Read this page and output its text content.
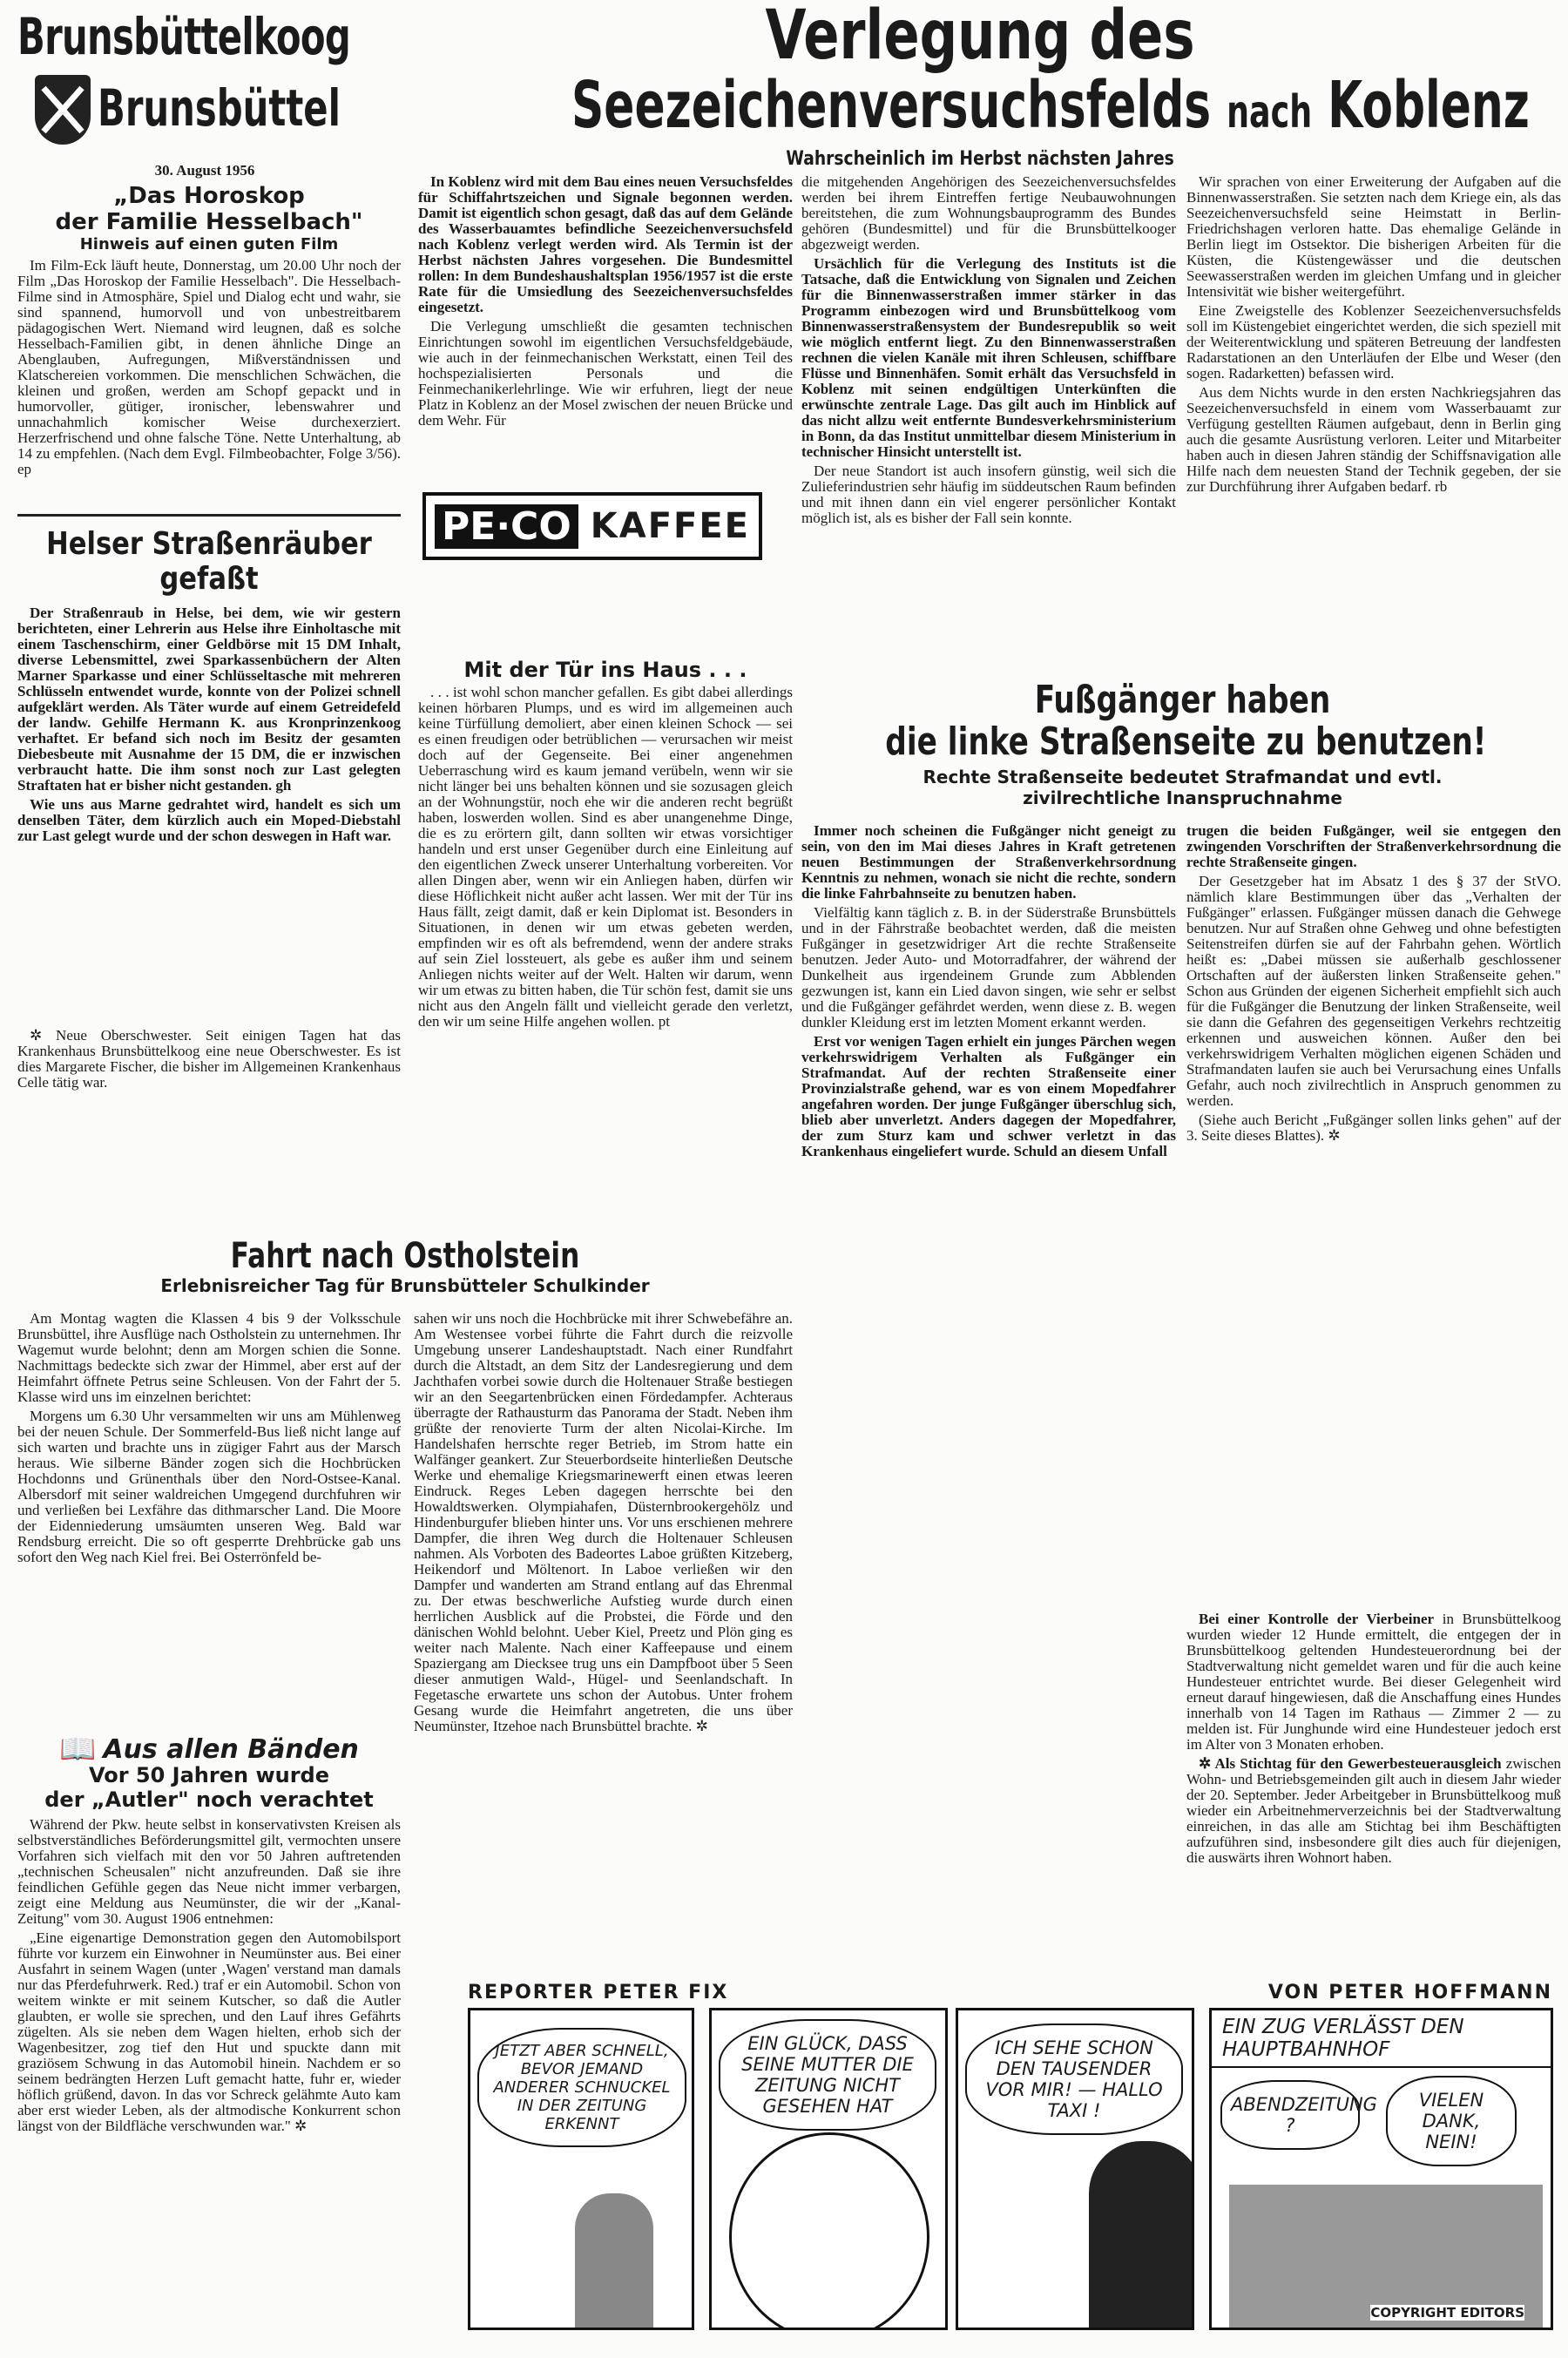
Brunsbüttelkoog
Brunsbüttel
30. August 1956
Verlegung des
Seezeichenversuchsfelds nach Koblenz
Wahrscheinlich im Herbst nächsten Jahres
„Das Horoskop
der Familie Hesselbach"
Hinweis auf einen guten Film

Im Film-Eck läuft heute, Donnerstag, um 20.00 Uhr noch der Film „Das Horoskop der Familie Hesselbach". Die Hesselbach-Filme sind in Atmosphäre, Spiel und Dialog echt und wahr, sie sind spannend, humorvoll und von unbestreitbarem pädagogischen Wert. Niemand wird leugnen, daß es solche Hesselbach-Familien gibt, in denen ähnliche Dinge an Abenglauben, Aufregungen, Mißverständnissen und Klatschereien vorkommen. Die menschlichen Schwächen, die kleinen und großen, werden am Schopf gepackt und in humorvoller, gütiger, ironischer, lebenswahrer und unnachahmlich komischer Weise durchexerziert. Herzerfrischend und ohne falsche Töne. Nette Unterhaltung, ab 14 zu empfehlen. (Nach dem Evgl. Filmbeobachter, Folge 3/56). ep

Helser Straßenräuber
gefaßt

Der Straßenraub in Helse, bei dem, wie wir gestern berichteten, einer Lehrerin aus Helse ihre Einholtasche mit einem Taschenschirm, einer Geldbörse mit 15 DM Inhalt, diverse Lebensmittel, zwei Sparkassenbüchern der Alten Marner Sparkasse und einer Schlüsseltasche mit mehreren Schlüsseln entwendet wurde, konnte von der Polizei schnell aufgeklärt werden. Als Täter wurde auf einem Getreidefeld der landw. Gehilfe Hermann K. aus Kronprinzenkoog verhaftet. Er befand sich noch im Besitz der gesamten Diebesbeute mit Ausnahme der 15 DM, die er inzwischen verbraucht hatte. Die ihm sonst noch zur Last gelegten Straftaten hat er bisher nicht gestanden. gh

Wie uns aus Marne gedrahtet wird, handelt es sich um denselben Täter, dem kürzlich auch ein Moped-Diebstahl zur Last gelegt wurde und der schon deswegen in Haft war.

✲ Neue Oberschwester. Seit einigen Tagen hat das Krankenhaus Brunsbüttelkoog eine neue Oberschwester. Es ist dies Margarete Fischer, die bisher im Allgemeinen Krankenhaus Celle tätig war.

In Koblenz wird mit dem Bau eines neuen Versuchsfeldes für Schiffahrtszeichen und Signale begonnen werden. Damit ist eigentlich schon gesagt, daß das auf dem Gelände des Wasserbauamtes befindliche Seezeichenversuchsfeld nach Koblenz verlegt werden wird. Als Termin ist der Herbst nächsten Jahres vorgesehen. Die Bundesmittel rollen: In dem Bundeshaushaltsplan 1956/1957 ist die erste Rate für die Umsiedlung des Seezeichenversuchsfeldes eingesetzt.

Die Verlegung umschließt die gesamten technischen Einrichtungen sowohl im eigentlichen Versuchsfeldgebäude, wie auch in der feinmechanischen Werkstatt, einen Teil des hochspezialisierten Personals und die Feinmechanikerlehrlinge. Wie wir erfuhren, liegt der neue Platz in Koblenz an der Mosel zwischen der neuen Brücke und dem Wehr. Für

die mitgehenden Angehörigen des Seezeichenversuchsfeldes werden bei ihrem Eintreffen fertige Neubauwohnungen bereitstehen, die zum Wohnungsbauprogramm des Bundes gehören (Bundesmittel) und für die Brunsbüttelkooger abgezweigt werden.

Ursächlich für die Verlegung des Instituts ist die Tatsache, daß die Entwicklung von Signalen und Zeichen für die Binnenwasserstraßen immer stärker in das Programm einbezogen wird und Brunsbüttelkoog vom Binnenwasserstraßensystem der Bundesrepublik so weit wie möglich entfernt liegt. Zu den Binnenwasserstraßen rechnen die vielen Kanäle mit ihren Schleusen, schiffbare Flüsse und Binnenhäfen. Somit erhält das Versuchsfeld in Koblenz mit seinen endgültigen Unterkünften die erwünschte zentrale Lage. Das gilt auch im Hinblick auf das nicht allzu weit entfernte Bundesverkehrsministerium in Bonn, da das Institut unmittelbar diesem Ministerium in technischer Hinsicht unterstellt ist.

Der neue Standort ist auch insofern günstig, weil sich die Zulieferindustrien sehr häufig im süddeutschen Raum befinden und mit ihnen dann ein viel engerer persönlicher Kontakt möglich ist, als es bisher der Fall sein konnte.

Wir sprachen von einer Erweiterung der Aufgaben auf die Binnenwasserstraßen. Sie setzten nach dem Kriege ein, als das Seezeichenversuchsfeld seine Heimstatt in Berlin-Friedrichshagen verloren hatte. Das ehemalige Gelände in Berlin liegt im Ostsektor. Die bisherigen Arbeiten für die Küsten, die Küstengewässer und die deutschen Seewasserstraßen werden im gleichen Umfang und in gleicher Intensivität wie bisher weitergeführt.

Eine Zweigstelle des Koblenzer Seezeichenversuchsfelds soll im Küstengebiet eingerichtet werden, die sich speziell mit der Weiterentwicklung und späteren Betreuung der landfesten Radarstationen an den Unterläufen der Elbe und Weser (den sogen. Radarketten) befassen wird.

Aus dem Nichts wurde in den ersten Nachkriegsjahren das Seezeichenversuchsfeld in einem vom Wasserbauamt zur Verfügung gestellten Räumen aufgebaut, denn in Berlin ging auch die gesamte Ausrüstung verloren. Leiter und Mitarbeiter haben auch in diesen Jahren ständig der Schiffsnavigation alle Hilfe nach dem neuesten Stand der Technik gegeben, der sie zur Durchführung ihrer Aufgaben bedarf. rb

PE·CO KAFFEE
Mit der Tür ins Haus . . .

. . . ist wohl schon mancher gefallen. Es gibt dabei allerdings keinen hörbaren Plumps, und es wird im allgemeinen auch keine Türfüllung demoliert, aber einen kleinen Schock — sei es einen freudigen oder betrüblichen — verursachen wir meist doch auf der Gegenseite. Bei einer angenehmen Ueberraschung wird es kaum jemand verübeln, wenn wir sie nicht länger bei uns behalten können und sie sozusagen gleich an der Wohnungstür, noch ehe wir die anderen recht begrüßt haben, loswerden wollen. Sind es aber unangenehme Dinge, die es zu erörtern gilt, dann sollten wir etwas vorsichtiger handeln und erst unser Gegenüber durch eine Einleitung auf den eigentlichen Zweck unserer Unterhaltung vorbereiten. Vor allen Dingen aber, wenn wir ein Anliegen haben, dürfen wir diese Höflichkeit nicht außer acht lassen. Wer mit der Tür ins Haus fällt, zeigt damit, daß er kein Diplomat ist. Besonders in Situationen, in denen wir um etwas gebeten werden, empfinden wir es oft als befremdend, wenn der andere straks auf sein Ziel lossteuert, als gebe es außer ihm und seinem Anliegen nichts weiter auf der Welt. Halten wir darum, wenn wir um etwas zu bitten haben, die Tür schön fest, damit sie uns nicht aus den Angeln fällt und vielleicht gerade den verletzt, den wir um seine Hilfe angehen wollen. pt

Fußgänger haben
die linke Straßenseite zu benutzen!
Rechte Straßenseite bedeutet Strafmandat und evtl. zivilrechtliche Inanspruchnahme

Immer noch scheinen die Fußgänger nicht geneigt zu sein, von den im Mai dieses Jahres in Kraft getretenen neuen Bestimmungen der Straßenverkehrsordnung Kenntnis zu nehmen, wonach sie nicht die rechte, sondern die linke Fahrbahnseite zu benutzen haben.

Vielfältig kann täglich z. B. in der Süderstraße Brunsbüttels und in der Fährstraße beobachtet werden, daß die meisten Fußgänger in gesetzwidriger Art die rechte Straßenseite benutzen. Jeder Auto- und Motorradfahrer, der während der Dunkelheit aus irgendeinem Grunde zum Abblenden gezwungen ist, kann ein Lied davon singen, wie sehr er selbst und die Fußgänger gefährdet werden, wenn diese z. B. wegen dunkler Kleidung erst im letzten Moment erkannt werden.

Erst vor wenigen Tagen erhielt ein junges Pärchen wegen verkehrswidrigem Verhalten als Fußgänger ein Strafmandat. Auf der rechten Straßenseite einer Provinzialstraße gehend, war es von einem Mopedfahrer angefahren worden. Der junge Fußgänger überschlug sich, blieb aber unverletzt. Anders dagegen der Mopedfahrer, der zum Sturz kam und schwer verletzt in das Krankenhaus eingeliefert wurde. Schuld an diesem Unfall

trugen die beiden Fußgänger, weil sie entgegen den zwingenden Vorschriften der Straßenverkehrsordnung die rechte Straßenseite gingen.

Der Gesetzgeber hat im Absatz 1 des § 37 der StVO. nämlich klare Bestimmungen über das „Verhalten der Fußgänger" erlassen. Fußgänger müssen danach die Gehwege benutzen. Nur auf Straßen ohne Gehweg und ohne befestigten Seitenstreifen dürfen sie auf der Fahrbahn gehen. Wörtlich heißt es: „Dabei müssen sie außerhalb geschlossener Ortschaften auf der äußersten linken Straßenseite gehen." Schon aus Gründen der eigenen Sicherheit empfiehlt sich auch für die Fußgänger die Benutzung der linken Straßenseite, weil sie dann die Gefahren des gegenseitigen Verkehrs rechtzeitig erkennen und ausweichen können. Außer den bei verkehrswidrigem Verhalten möglichen eigenen Schäden und Strafmandaten laufen sie auch bei Verursachung eines Unfalls Gefahr, auch noch zivilrechtlich in Anspruch genommen zu werden.

(Siehe auch Bericht „Fußgänger sollen links gehen" auf der 3. Seite dieses Blattes). ✲

Fahrt nach Ostholstein
Erlebnisreicher Tag für Brunsbütteler Schulkinder

Am Montag wagten die Klassen 4 bis 9 der Volksschule Brunsbüttel, ihre Ausflüge nach Ostholstein zu unternehmen. Ihr Wagemut wurde belohnt; denn am Morgen schien die Sonne. Nachmittags bedeckte sich zwar der Himmel, aber erst auf der Heimfahrt öffnete Petrus seine Schleusen. Von der Fahrt der 5. Klasse wird uns im einzelnen berichtet:

Morgens um 6.30 Uhr versammelten wir uns am Mühlenweg bei der neuen Schule. Der Sommerfeld-Bus ließ nicht lange auf sich warten und brachte uns in zügiger Fahrt aus der Marsch heraus. Wie silberne Bänder zogen sich die Hochbrücken Hochdonns und Grünenthals über den Nord-Ostsee-Kanal. Albersdorf mit seiner waldreichen Umgegend durchfuhren wir und verließen bei Lexfähre das dithmarscher Land. Die Moore der Eidenniederung umsäumten unseren Weg. Bald war Rendsburg erreicht. Die so oft gesperrte Drehbrücke gab uns sofort den Weg nach Kiel frei. Bei Osterrönfeld be-

sahen wir uns noch die Hochbrücke mit ihrer Schwebefähre an. Am Westensee vorbei führte die Fahrt durch die reizvolle Umgebung unserer Landeshauptstadt. Nach einer Rundfahrt durch die Altstadt, an dem Sitz der Landesregierung und dem Jachthafen vorbei sowie durch die Holtenauer Straße bestiegen wir an den Seegartenbrücken einen Fördedampfer. Achteraus überragte der Rathausturm das Panorama der Stadt. Neben ihm grüßte der renovierte Turm der alten Nicolai-Kirche. Im Handelshafen herrschte reger Betrieb, im Strom hatte ein Walfänger geankert. Zur Steuerbordseite hinterließen Deutsche Werke und ehemalige Kriegsmarinewerft einen etwas leeren Eindruck. Reges Leben dagegen herrschte bei den Howaldtswerken. Olympiahafen, Düsternbrookergehölz und Hindenburgufer blieben hinter uns. Vor uns erschienen mehrere Dampfer, die ihren Weg durch die Holtenauer Schleusen nahmen. Als Vorboten des Badeortes Laboe grüßten Kitzeberg, Heikendorf und Möltenort. In Laboe verließen wir den Dampfer und wanderten am Strand entlang auf das Ehrenmal zu. Der etwas beschwerliche Aufstieg wurde durch einen herrlichen Ausblick auf die Probstei, die Förde und den dänischen Wohld belohnt. Ueber Kiel, Preetz und Plön ging es weiter nach Malente. Nach einer Kaffeepause und einem Spaziergang am Diecksee trug uns ein Dampfboot über 5 Seen dieser anmutigen Wald-, Hügel- und Seenlandschaft. In Fegetasche erwartete uns schon der Autobus. Unter frohem Gesang wurde die Heimfahrt angetreten, die uns über Neumünster, Itzehoe nach Brunsbüttel brachte. ✲

📖 Aus allen Bänden
Vor 50 Jahren wurde
der „Autler" noch verachtet

Während der Pkw. heute selbst in konservativsten Kreisen als selbstverständliches Beförderungsmittel gilt, vermochten unsere Vorfahren sich vielfach mit den vor 50 Jahren auftretenden „technischen Scheusalen" nicht anzufreunden. Daß sie ihre feindlichen Gefühle gegen das Neue nicht immer verbargen, zeigt eine Meldung aus Neumünster, die wir der „Kanal-Zeitung" vom 30. August 1906 entnehmen:

„Eine eigenartige Demonstration gegen den Automobilsport führte vor kurzem ein Einwohner in Neumünster aus. Bei einer Ausfahrt in seinem Wagen (unter ‚Wagen' verstand man damals nur das Pferdefuhrwerk. Red.) traf er ein Automobil. Schon von weitem winkte er mit seinem Kutscher, so daß die Autler glaubten, er wolle sie sprechen, und den Lauf ihres Gefährts zügelten. Als sie neben dem Wagen hielten, erhob sich der Wagenbesitzer, zog tief den Hut und spuckte dann mit graziösem Schwung in das Automobil hinein. Nachdem er so seinem bedrängten Herzen Luft gemacht hatte, fuhr er, wieder höflich grüßend, davon. In das vor Schreck gelähmte Auto kam aber erst wieder Leben, als der altmodische Konkurrent schon längst von der Bildfläche verschwunden war." ✲

Bei einer Kontrolle der Vierbeiner in Brunsbüttelkoog wurden wieder 12 Hunde ermittelt, die entgegen der in Brunsbüttelkoog geltenden Hundesteuerordnung bei der Stadtverwaltung nicht gemeldet waren und für die auch keine Hundesteuer entrichtet wurde. Bei dieser Gelegenheit wird erneut darauf hingewiesen, daß die Anschaffung eines Hundes innerhalb von 14 Tagen im Rathaus — Zimmer 2 — zu melden ist. Für Junghunde wird eine Hundesteuer jedoch erst im Alter von 3 Monaten erhoben.

✲ Als Stichtag für den Gewerbesteuerausgleich zwischen Wohn- und Betriebsgemeinden gilt auch in diesem Jahr wieder der 20. September. Jeder Arbeitgeber in Brunsbüttelkoog muß wieder ein Arbeitnehmerverzeichnis bei der Stadtverwaltung einreichen, in das alle am Stichtag bei ihm Beschäftigten aufzuführen sind, insbesondere gilt dies auch für diejenigen, die auswärts ihren Wohnort haben.

REPORTER PETER FIX	VON PETER HOFFMANN
JETZT ABER SCHNELL, BEVOR JEMAND ANDERER SCHNUCKEL IN DER ZEITUNG ERKENNT
EIN GLÜCK, DASS SEINE MUTTER DIE ZEITUNG NICHT GESEHEN HAT
ICH SEHE SCHON DEN TAUSENDER VOR MIR! — HALLO TAXI !
EIN ZUG VERLÄSST DEN HAUPTBAHNHOF
ABENDZEITUNG ?
VIELEN DANK, NEIN!
COPYRIGHT EDITORS
